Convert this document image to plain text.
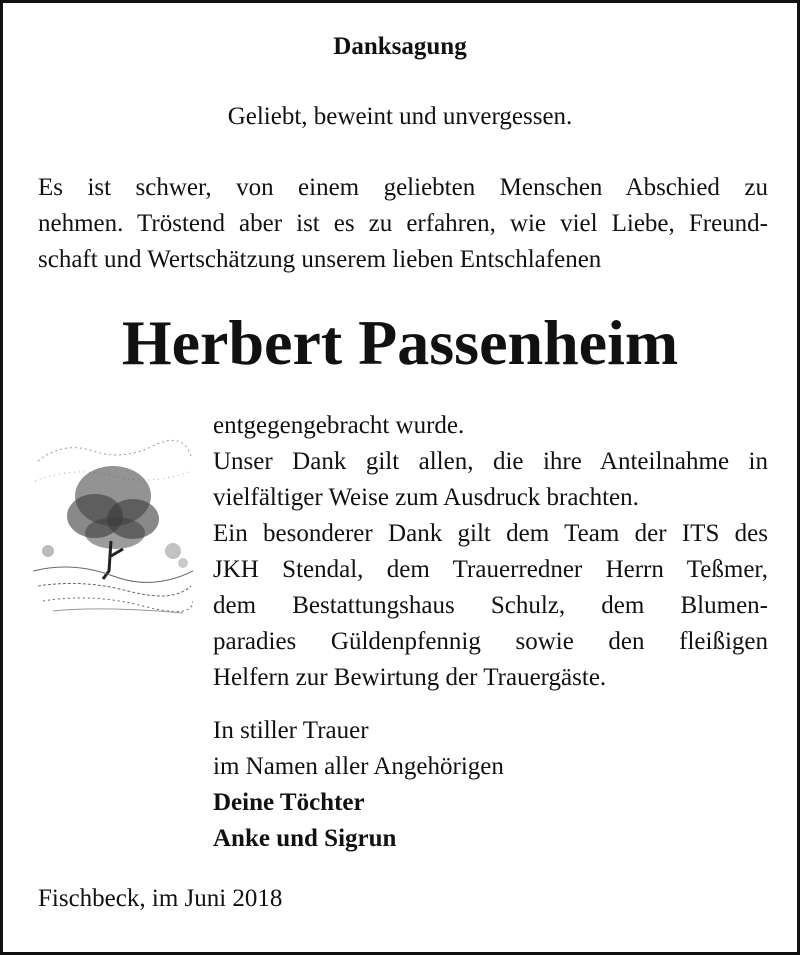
Danksagung
Geliebt, beweint und unvergessen.
Es ist schwer, von einem geliebten Menschen Abschied zu
nehmen. Tröstend aber ist es zu erfahren, wie viel Liebe, Freund-
schaft und Wertschätzung unserem lieben Entschlafenen
Herbert Passenheim
entgegengebracht wurde.
Unser Dank gilt allen, die ihre Anteilnahme in
vielfältiger Weise zum Ausdruck brachten.
Ein besonderer Dank gilt dem Team der ITS des
JKH Stendal, dem Trauerredner Herrn Teßmer,
dem Bestattungshaus Schulz, dem Blumen-
paradies Güldenpfennig sowie den fleißigen
Helfern zur Bewirtung der Trauergäste.
In stiller Trauer
im Namen aller Angehörigen
Deine Töchter
Anke und Sigrun
Fischbeck, im Juni 2018
